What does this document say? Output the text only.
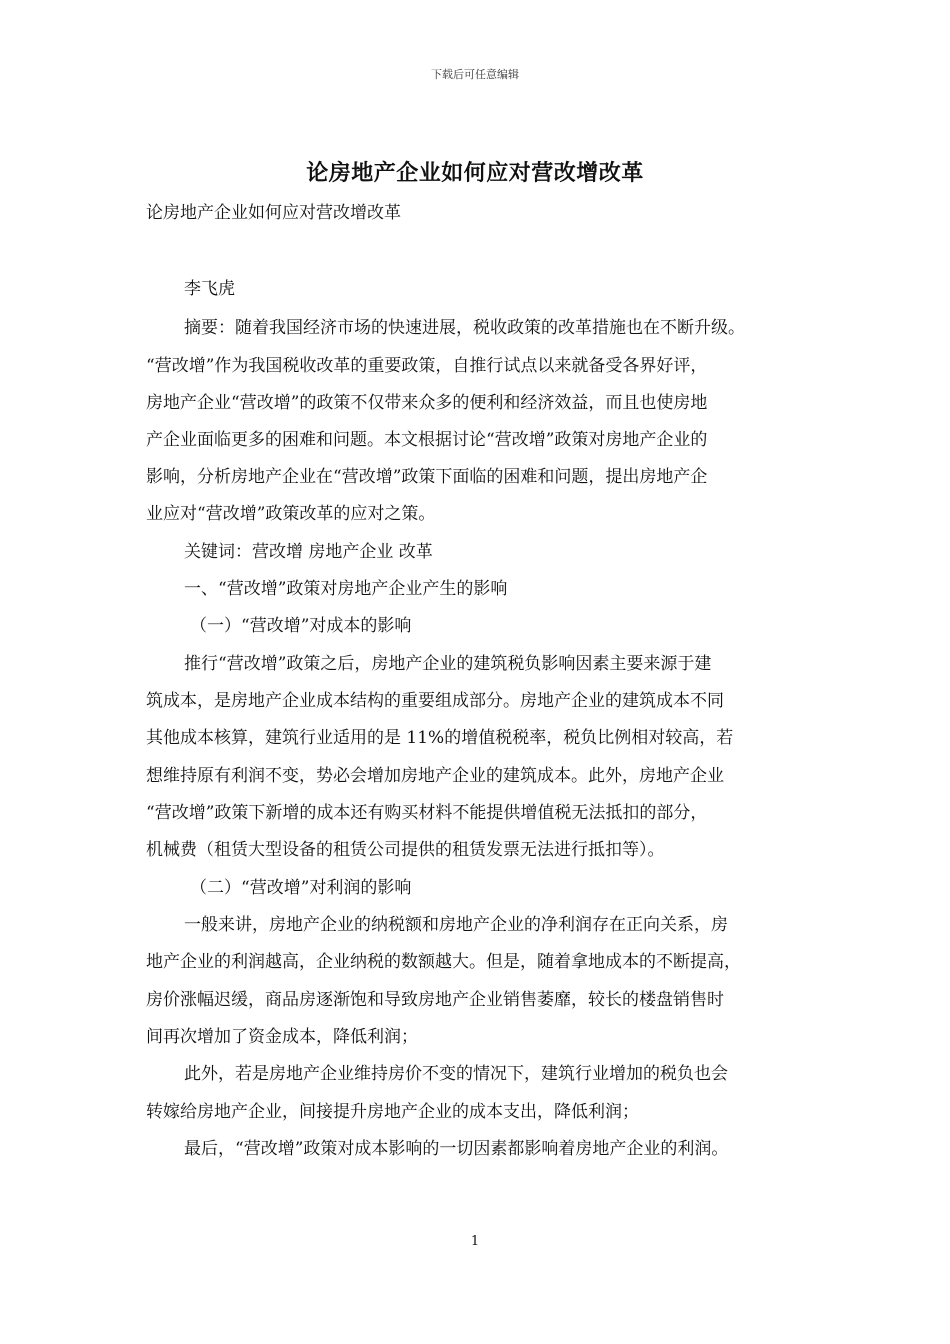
下载后可任意编辑
论房地产企业如何应对营改增改革
论房地产企业如何应对营改增改革
李飞虎
摘要：随着我国经济市场的快速进展，税收政策的改革措施也在不断升级。
“营改增”作为我国税收改革的重要政策，自推行试点以来就备受各界好评，
房地产企业“营改增”的政策不仅带来众多的便利和经济效益，而且也使房地
产企业面临更多的困难和问题。本文根据讨论“营改增”政策对房地产企业的
影响，分析房地产企业在“营改增”政策下面临的困难和问题，提出房地产企
业应对“营改增”政策改革的应对之策。
关键词：营改增 房地产企业 改革
一、“营改增”政策对房地产企业产生的影响
（一）“营改增”对成本的影响
推行“营改增”政策之后，房地产企业的建筑税负影响因素主要来源于建
筑成本，是房地产企业成本结构的重要组成部分。房地产企业的建筑成本不同
其他成本核算，建筑行业适用的是 11%的增值税税率，税负比例相对较高，若
想维持原有利润不变，势必会增加房地产企业的建筑成本。此外，房地产企业
“营改增”政策下新增的成本还有购买材料不能提供增值税无法抵扣的部分，
机械费（租赁大型设备的租赁公司提供的租赁发票无法进行抵扣等）。
（二）“营改增”对利润的影响
一般来讲，房地产企业的纳税额和房地产企业的净利润存在正向关系，房
地产企业的利润越高，企业纳税的数额越大。但是，随着拿地成本的不断提高，
房价涨幅迟缓，商品房逐渐饱和导致房地产企业销售萎靡，较长的楼盘销售时
间再次增加了资金成本，降低利润；
此外，若是房地产企业维持房价不变的情况下，建筑行业增加的税负也会
转嫁给房地产企业，间接提升房地产企业的成本支出，降低利润；
最后，“营改增”政策对成本影响的一切因素都影响着房地产企业的利润。
1
